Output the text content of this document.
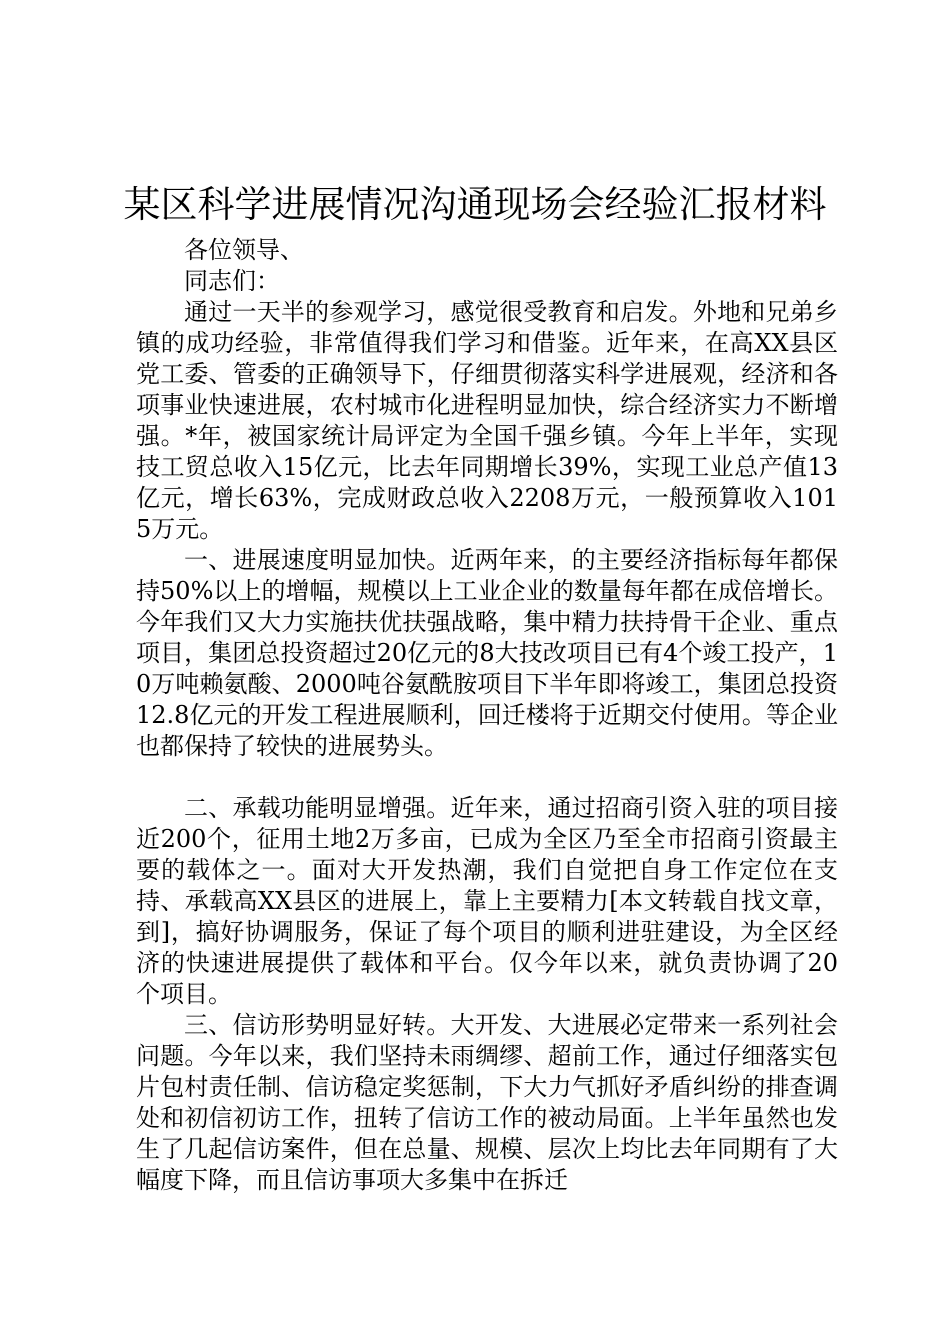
某区科学进展情况沟通现场会经验汇报材料

各位领导、

同志们：

通过一天半的参观学习，感觉很受教育和启发。外地和兄弟乡镇的成功经验，非常值得我们学习和借鉴。近年来，在高XX县区党工委、管委的正确领导下，仔细贯彻落实科学进展观，经济和各项事业快速进展，农村城市化进程明显加快，综合经济实力不断增强。*年，被国家统计局评定为全国千强乡镇。今年上半年，实现技工贸总收入15亿元，比去年同期增长39%，实现工业总产值13亿元，增长63%，完成财政总收入2208万元，一般预算收入1015万元。

一、进展速度明显加快。近两年来，的主要经济指标每年都保持50%以上的增幅，规模以上工业企业的数量每年都在成倍增长。今年我们又大力实施扶优扶强战略，集中精力扶持骨干企业、重点项目，集团总投资超过20亿元的8大技改项目已有4个竣工投产，10万吨赖氨酸、2000吨谷氨酰胺项目下半年即将竣工，集团总投资12.8亿元的开发工程进展顺利，回迁楼将于近期交付使用。等企业也都保持了较快的进展势头。

二、承载功能明显增强。近年来，通过招商引资入驻的项目接近200个，征用土地2万多亩，已成为全区乃至全市招商引资最主要的载体之一。面对大开发热潮，我们自觉把自身工作定位在支持、承载高XX县区的进展上，靠上主要精力[本文转载自找文章，到]，搞好协调服务，保证了每个项目的顺利进驻建设，为全区经济的快速进展提供了载体和平台。仅今年以来，就负责协调了20个项目。

三、信访形势明显好转。大开发、大进展必定带来一系列社会问题。今年以来，我们坚持未雨绸缪、超前工作，通过仔细落实包片包村责任制、信访稳定奖惩制，下大力气抓好矛盾纠纷的排查调处和初信初访工作，扭转了信访工作的被动局面。上半年虽然也发生了几起信访案件，但在总量、规模、层次上均比去年同期有了大幅度下降，而且信访事项大多集中在拆迁
